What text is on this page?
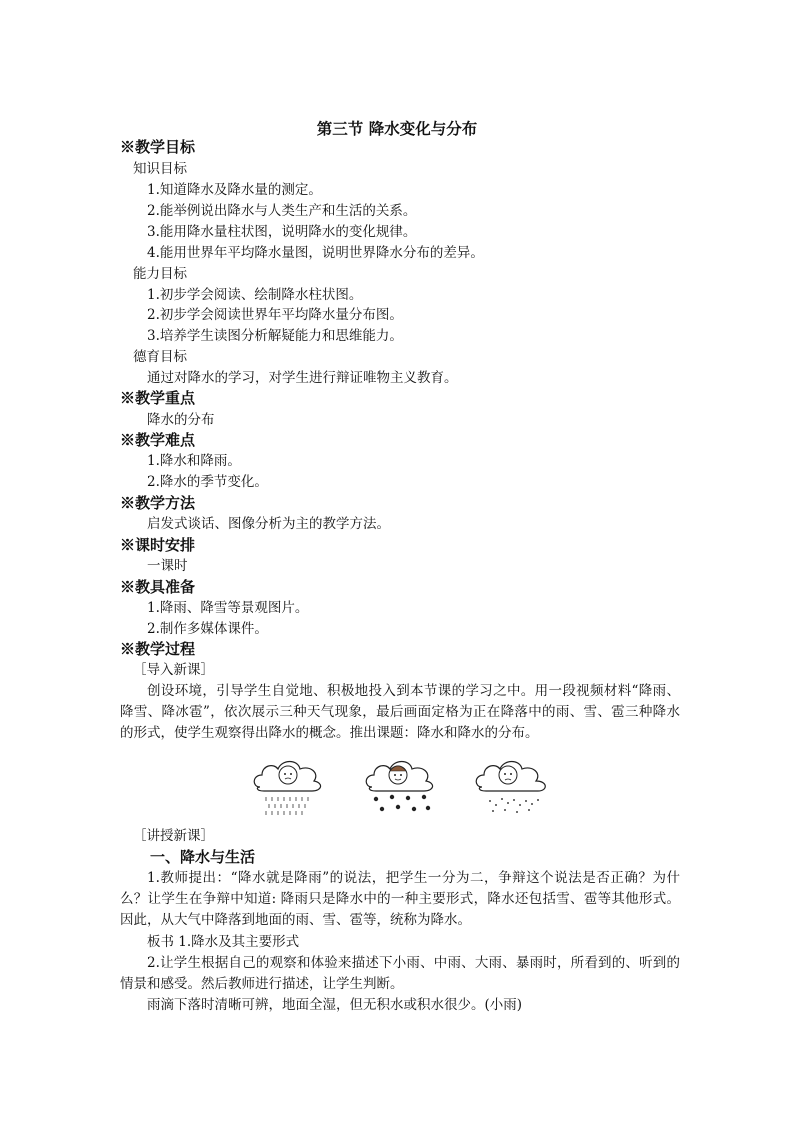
第三节 降水变化与分布
※教学目标
知识目标
1.知道降水及降水量的测定。
2.能举例说出降水与人类生产和生活的关系。
3.能用降水量柱状图，说明降水的变化规律。
4.能用世界年平均降水量图，说明世界降水分布的差异。
能力目标
1.初步学会阅读、绘制降水柱状图。
2.初步学会阅读世界年平均降水量分布图。
3.培养学生读图分析解疑能力和思维能力。
德育目标
通过对降水的学习，对学生进行辩证唯物主义教育。
※教学重点
降水的分布
※教学难点
1.降水和降雨。
2.降水的季节变化。
※教学方法
启发式谈话、图像分析为主的教学方法。
※课时安排
一课时
※教具准备
1.降雨、降雪等景观图片。
2.制作多媒体课件。
※教学过程
［导入新课］
创设环境，引导学生自觉地、积极地投入到本节课的学习之中。用一段视频材料“降雨、降雪、降冰雹”，依次展示三种天气现象，最后画面定格为正在降落中的雨、雪、雹三种降水的形式，使学生观察得出降水的概念。推出课题：降水和降水的分布。
［讲授新课］
一、降水与生活
1.教师提出：“降水就是降雨”的说法，把学生一分为二，争辩这个说法是否正确？为什么？让学生在争辩中知道: 降雨只是降水中的一种主要形式，降水还包括雪、雹等其他形式。因此，从大气中降落到地面的雨、雪、雹等，统称为降水。
板书 1.降水及其主要形式
2.让学生根据自己的观察和体验来描述下小雨、中雨、大雨、暴雨时，所看到的、听到的情景和感受。然后教师进行描述，让学生判断。
雨滴下落时清晰可辨，地面全湿，但无积水或积水很少。(小雨)
